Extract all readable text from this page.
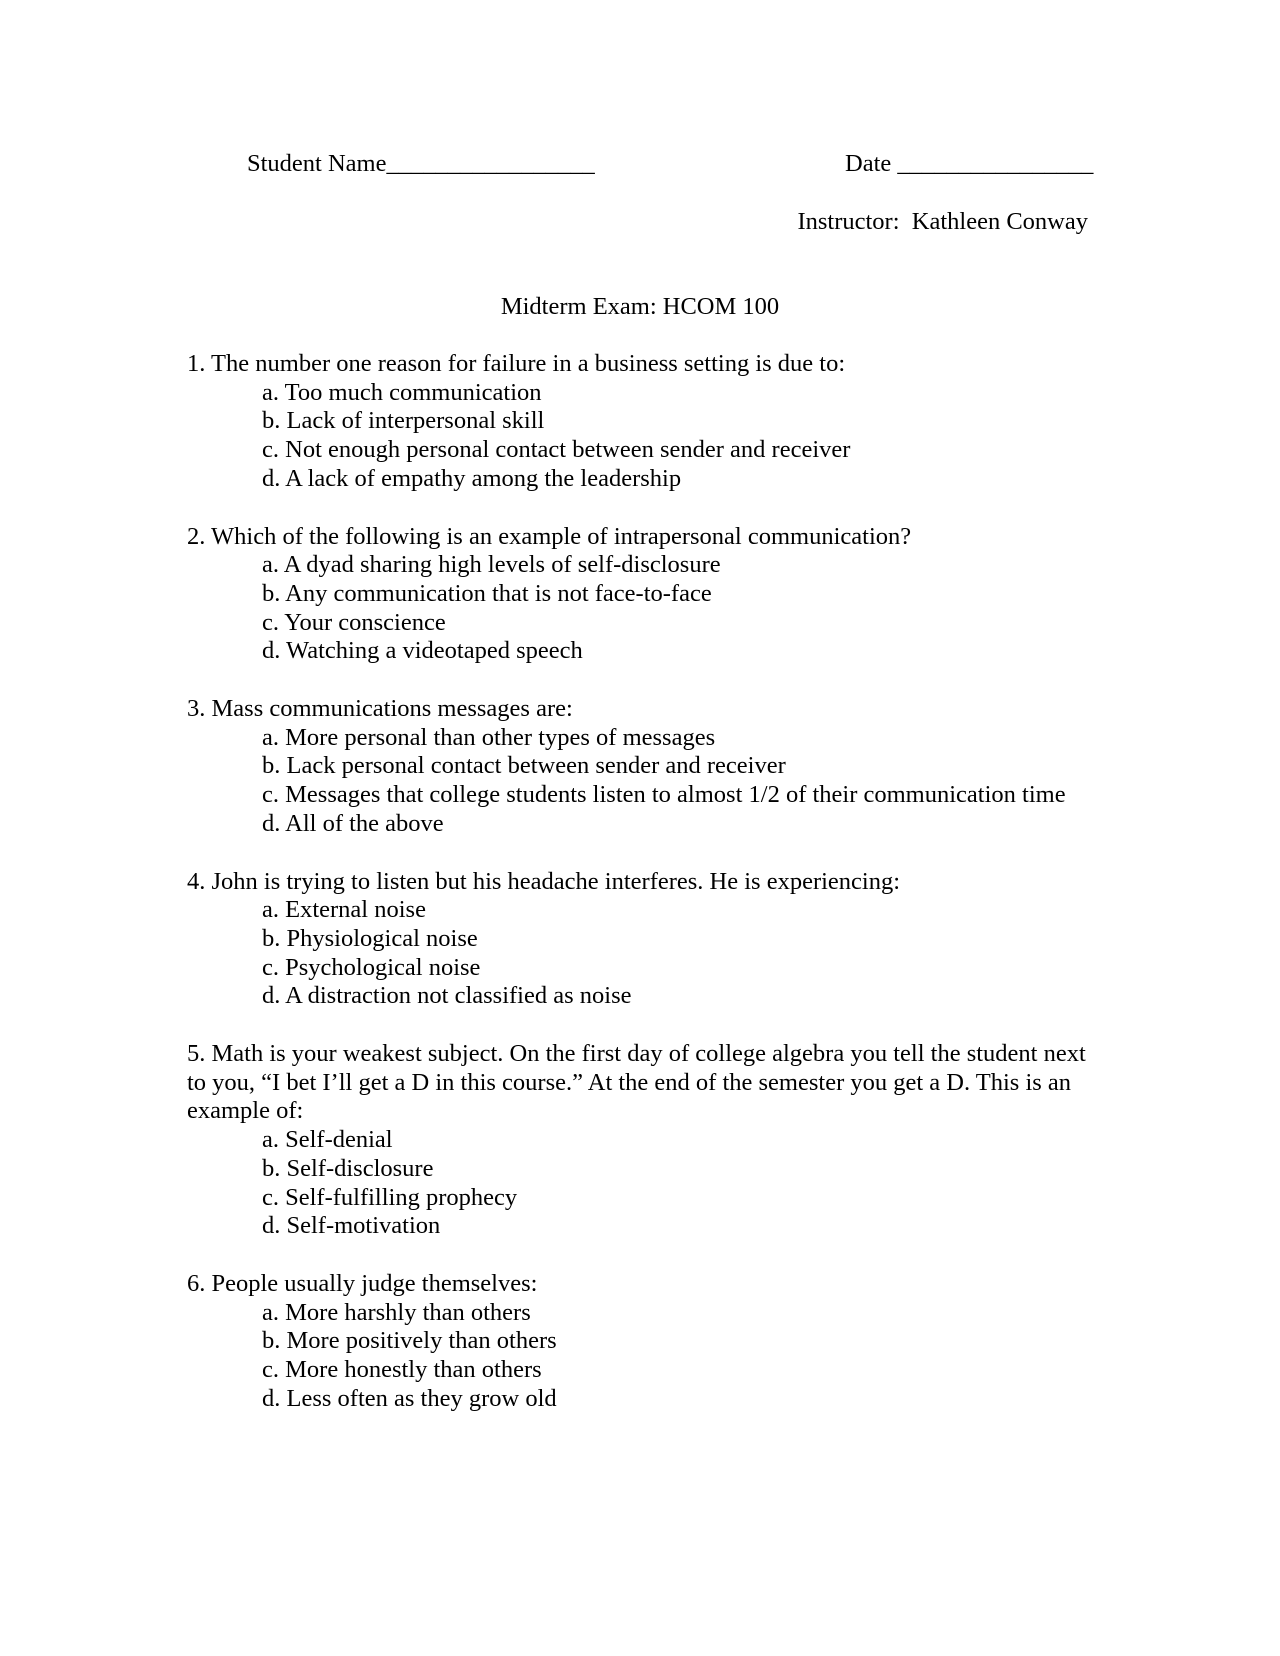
Student Name_________________	Date ________________
Instructor:  Kathleen Conway
Midterm Exam: HCOM 100
1. The number one reason for failure in a business setting is due to:
a. Too much communication
b. Lack of interpersonal skill
c. Not enough personal contact between sender and receiver
d. A lack of empathy among the leadership
2. Which of the following is an example of intrapersonal communication?
a. A dyad sharing high levels of self-disclosure
b. Any communication that is not face-to-face
c. Your conscience
d. Watching a videotaped speech
3. Mass communications messages are:
a. More personal than other types of messages
b. Lack personal contact between sender and receiver
c. Messages that college students listen to almost 1/2 of their communication time
d. All of the above
4. John is trying to listen but his headache interferes. He is experiencing:
a. External noise
b. Physiological noise
c. Psychological noise
d. A distraction not classified as noise
5. Math is your weakest subject. On the first day of college algebra you tell the student next to you, “I bet I’ll get a D in this course.” At the end of the semester you get a D. This is an example of:
a. Self-denial
b. Self-disclosure
c. Self-fulfilling prophecy
d. Self-motivation
6. People usually judge themselves:
a. More harshly than others
b. More positively than others
c. More honestly than others
d. Less often as they grow old
